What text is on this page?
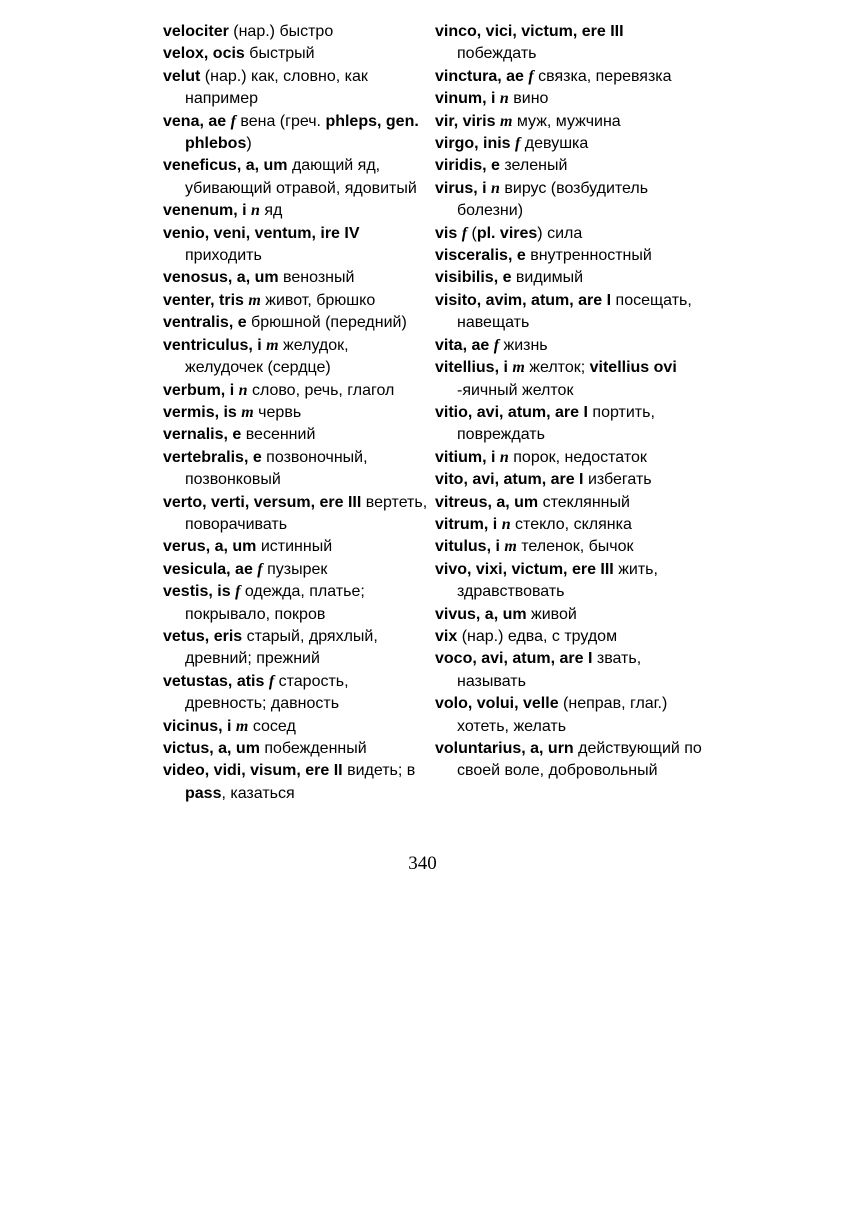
velociter (нар.) быстро

velox, ocis быстрый

velut (нар.) как, словно, как например

vena, ae f вена (греч. phleps, gen. phlebos)

veneficus, a, um дающий яд, убивающий отравой, ядовитый

venenum, i n яд

venio, veni, ventum, ire IV приходить

venosus, a, um венозный

venter, tris m живот, брюшко

ventralis, e брюшной (передний)

ventriculus, i m желудок, желудочек (сердце)

verbum, i n слово, речь, глагол

vermis, is m червь

vernalis, e весенний

vertebralis, e позвоночный, позвонковый

verto, verti, versum, ere III вертеть, поворачивать

verus, a, um истинный

vesicula, ae f пузырек

vestis, is f одежда, платье; покрывало, покров

vetus, eris старый, дряхлый, древний; прежний

vetustas, atis f старость, древность; давность

vicinus, i m сосед

victus, a, um побежденный

video, vidi, visum, ere II видеть; в pass, казаться

vinco, vici, victum, ere III побеждать

vinctura, ae f связка, перевязка

vinum, i n вино

vir, viris m муж, мужчина

virgo, inis f девушка

viridis, e зеленый

virus, i n вирус (возбудитель болезни)

vis f (pl. vires) сила

visceralis, e внутренностный

visibilis, e видимый

visito, avim, atum, are I посещать, навещать

vita, ae f жизнь

vitellius, i m желток; vitellius ovi -яичный желток

vitio, avi, atum, are I портить, повреждать

vitium, i n порок, недостаток

vito, avi, atum, are I избегать

vitreus, a, um стеклянный

vitrum, i n стекло, склянка

vitulus, i m теленок, бычок

vivo, vixi, victum, ere III жить, здравствовать

vivus, a, um живой

vix (нар.) едва, с трудом

voco, avi, atum, are I звать, называть

volo, volui, velle (неправ, глаг.) хотеть, желать

voluntarius, a, urn действующий по своей воле, добровольный

340
